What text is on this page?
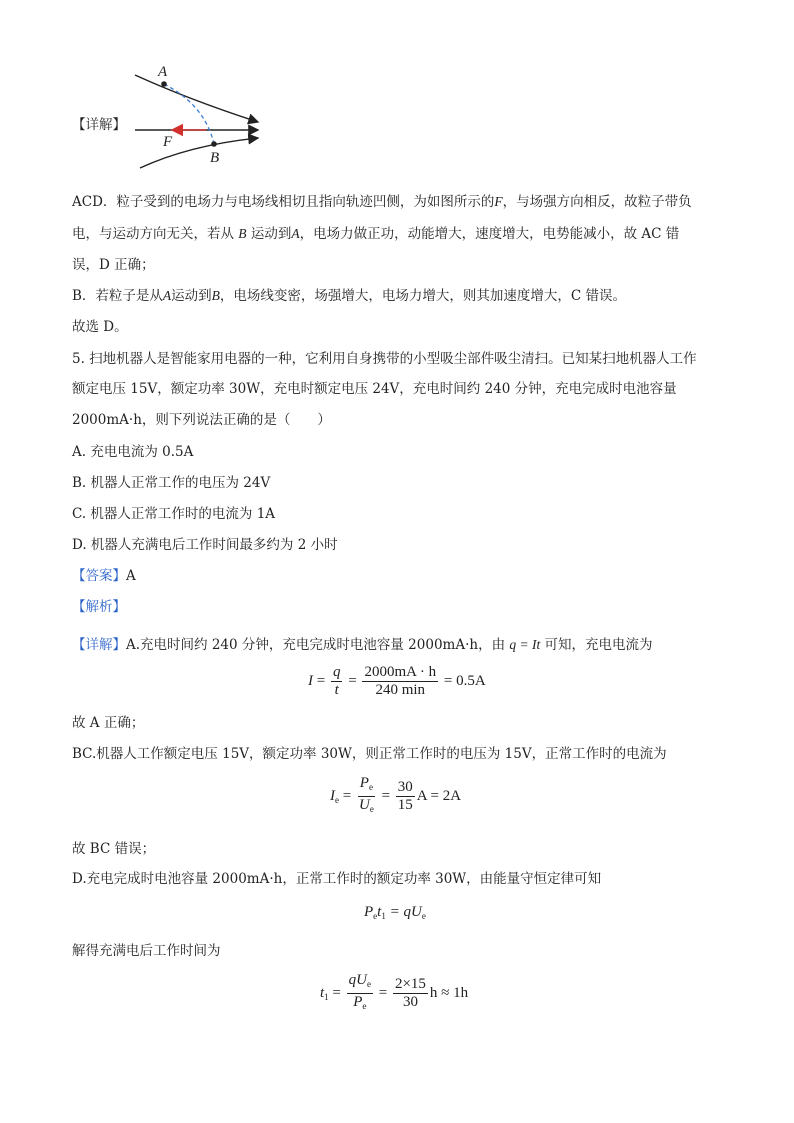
【详解】
A
B
F
ACD．粒子受到的电场力与电场线相切且指向轨迹凹侧，为如图所示的F，与场强方向相反，故粒子带负
电，与运动方向无关，若从 B 运动到A，电场力做正功，动能增大，速度增大，电势能减小，故 AC 错
误，D 正确；
B．若粒子是从A运动到B，电场线变密，场强增大，电场力增大，则其加速度增大，C 错误。
故选 D。
5. 扫地机器人是智能家用电器的一种，它利用自身携带的小型吸尘部件吸尘清扫。已知某扫地机器人工作
额定电压 15V，额定功率 30W，充电时额定电压 24V，充电时间约 240 分钟，充电完成时电池容量
2000mA·h，则下列说法正确的是（　　）
A. 充电电流为 0.5A
B. 机器人正常工作的电压为 24V
C. 机器人正常工作时的电流为 1A
D. 机器人充满电后工作时间最多约为 2 小时
【答案】A
【解析】
【详解】A.充电时间约 240 分钟，充电完成时电池容量 2000mA·h，由 q = It 可知，充电电流为
$I = \frac{q}{t} = \frac{2000mA \cdot h}{240 \min} = 0.5A$
故 A 正确；
BC.机器人工作额定电压 15V，额定功率 30W，则正常工作时的电压为 15V，正常工作时的电流为
$I_e = \frac{P_e}{U_e} = \frac{30}{15}$ A = 2A
故 BC 错误；
D.充电完成时电池容量 2000mA·h，正常工作时的额定功率 30W，由能量守恒定律可知
$P_et_1 = qU_e$
解得充满电后工作时间为
$t_1 = \frac{qU_e}{P_e} = \frac{2\times 15}{30}$ h ≈ 1h
